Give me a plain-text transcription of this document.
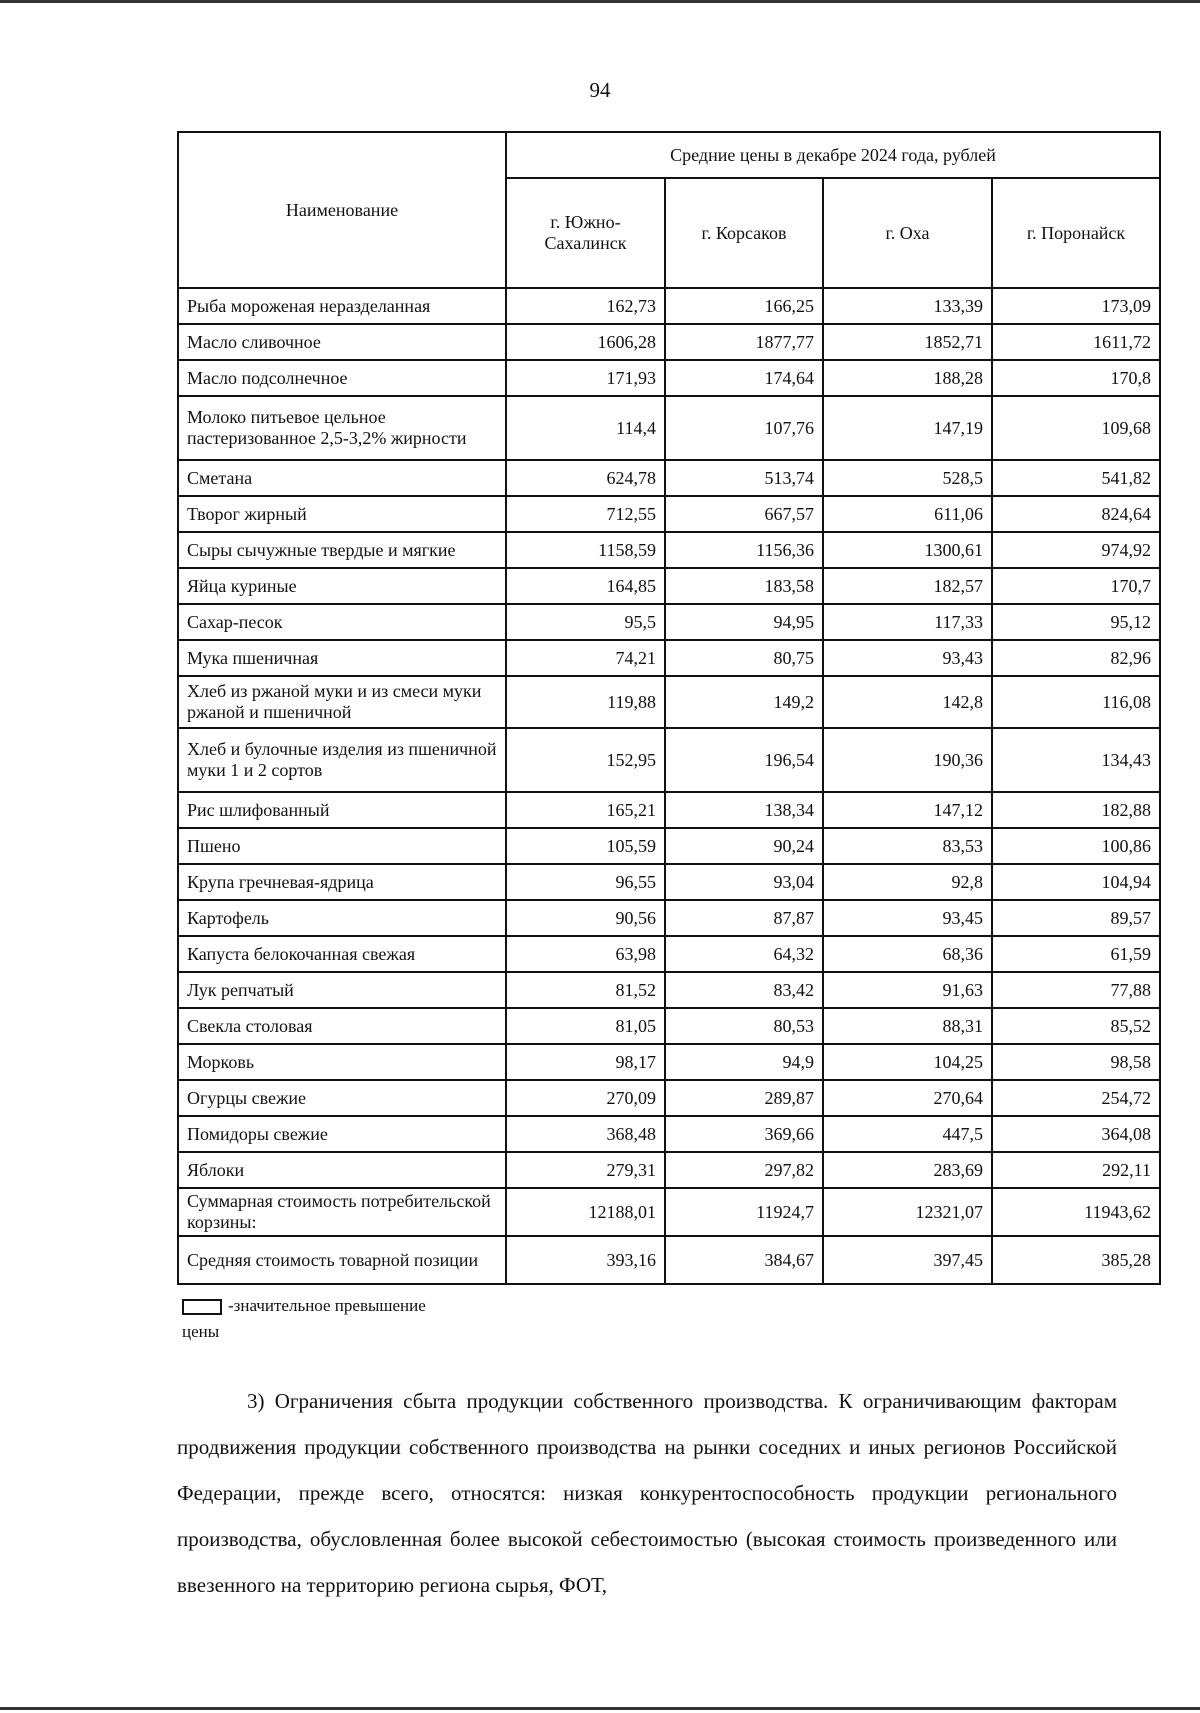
94
Наименование	Средние цены в декабре 2024 года, рублей			
	г. Южно-Сахалинск	г. Корсаков	г. Оха	г. Поронайск
Рыба мороженая неразделанная	162,73	166,25	133,39	173,09
Масло сливочное	1606,28	1877,77	1852,71	1611,72
Масло подсолнечное	171,93	174,64	188,28	170,8
Молоко питьевое цельное пастеризованное 2,5-3,2% жирности	114,4	107,76	147,19	109,68
Сметана	624,78	513,74	528,5	541,82
Творог жирный	712,55	667,57	611,06	824,64
Сыры сычужные твердые и мягкие	1158,59	1156,36	1300,61	974,92
Яйца куриные	164,85	183,58	182,57	170,7
Сахар-песок	95,5	94,95	117,33	95,12
Мука пшеничная	74,21	80,75	93,43	82,96
Хлеб из ржаной муки и из смеси муки ржаной и пшеничной	119,88	149,2	142,8	116,08
Хлеб и булочные изделия из пшеничной муки 1 и 2 сортов	152,95	196,54	190,36	134,43
Рис шлифованный	165,21	138,34	147,12	182,88
Пшено	105,59	90,24	83,53	100,86
Крупа гречневая-ядрица	96,55	93,04	92,8	104,94
Картофель	90,56	87,87	93,45	89,57
Капуста белокочанная свежая	63,98	64,32	68,36	61,59
Лук репчатый	81,52	83,42	91,63	77,88
Свекла столовая	81,05	80,53	88,31	85,52
Морковь	98,17	94,9	104,25	98,58
Огурцы свежие	270,09	289,87	270,64	254,72
Помидоры свежие	368,48	369,66	447,5	364,08
Яблоки	279,31	297,82	283,69	292,11
Суммарная стоимость потребительской корзины:	12188,01	11924,7	12321,07	11943,62
Средняя стоимость товарной позиции	393,16	384,67	397,45	385,28
-значительное превышение
цены

3) Ограничения сбыта продукции собственного производства. К ограничивающим факторам продвижения продукции собственного производства на рынки соседних и иных регионов Российской Федерации, прежде всего, относятся: низкая конкурентоспособность продукции регионального производства, обусловленная более высокой себестоимостью (высокая стоимость произведенного или ввезенного на территорию региона сырья, ФОТ,
